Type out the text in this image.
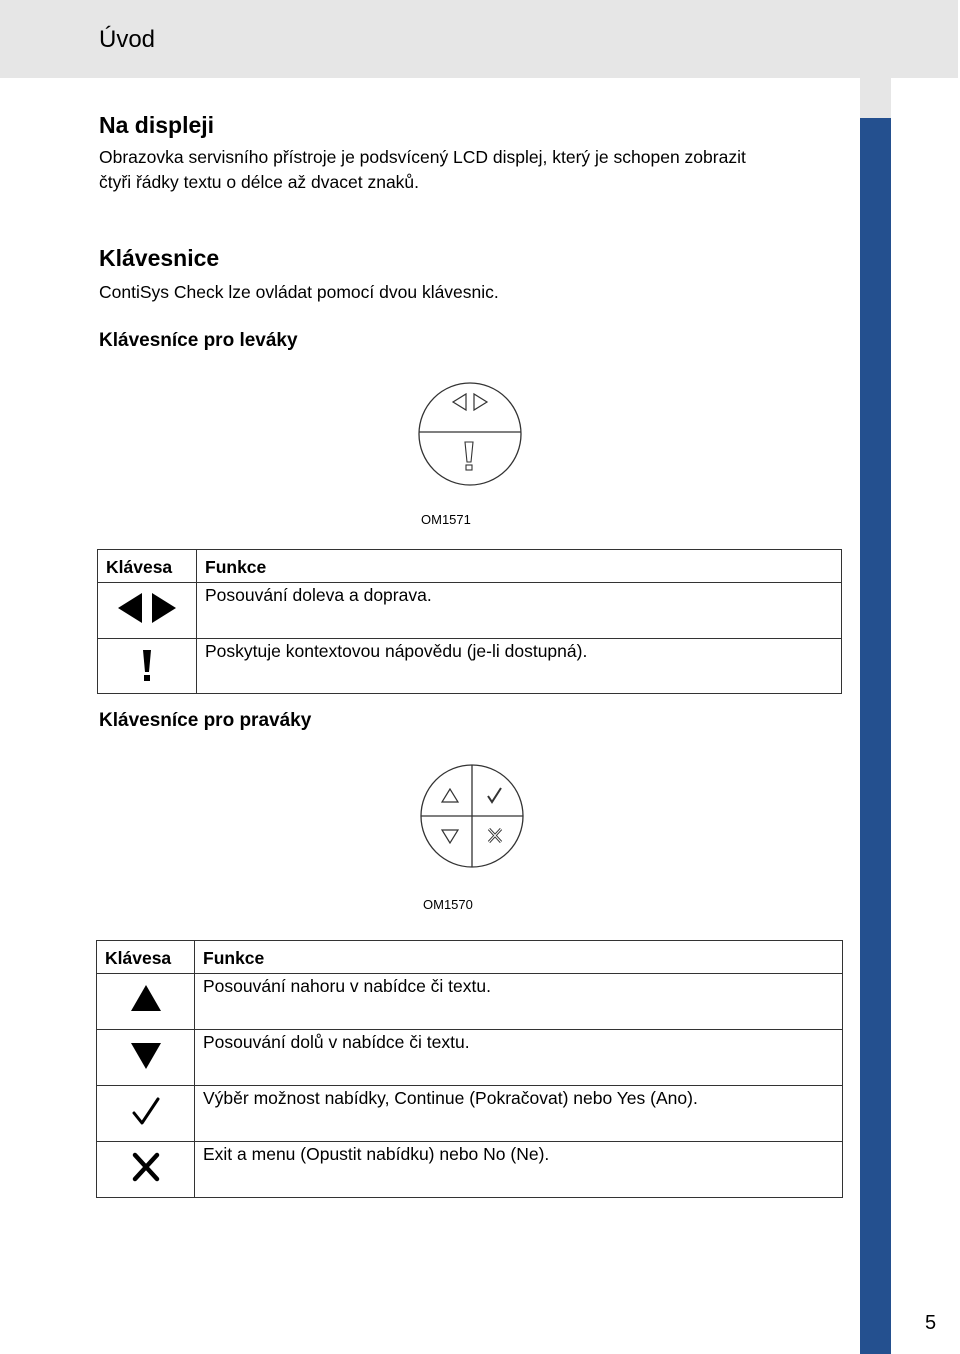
Úvod
Na displeji
Obrazovka servisního přístroje je podsvícený LCD displej, který je schopen zobrazit
čtyři řádky textu o délce až dvacet znaků.
Klávesnice
ContiSys Check lze ovládat pomocí dvou klávesnic.
Klávesníce pro leváky
OM1571
Klávesa	Funkce
	Posouvání doleva a doprava.
	Poskytuje kontextovou nápovědu (je-li dostupná).
Klávesníce pro praváky
OM1570
Klávesa	Funkce
	Posouvání nahoru v nabídce či textu.
	Posouvání dolů v nabídce či textu.
	Výběr možnost nabídky, Continue (Pokračovat) nebo Yes (Ano).
	Exit a menu (Opustit nabídku) nebo No (Ne).
5
